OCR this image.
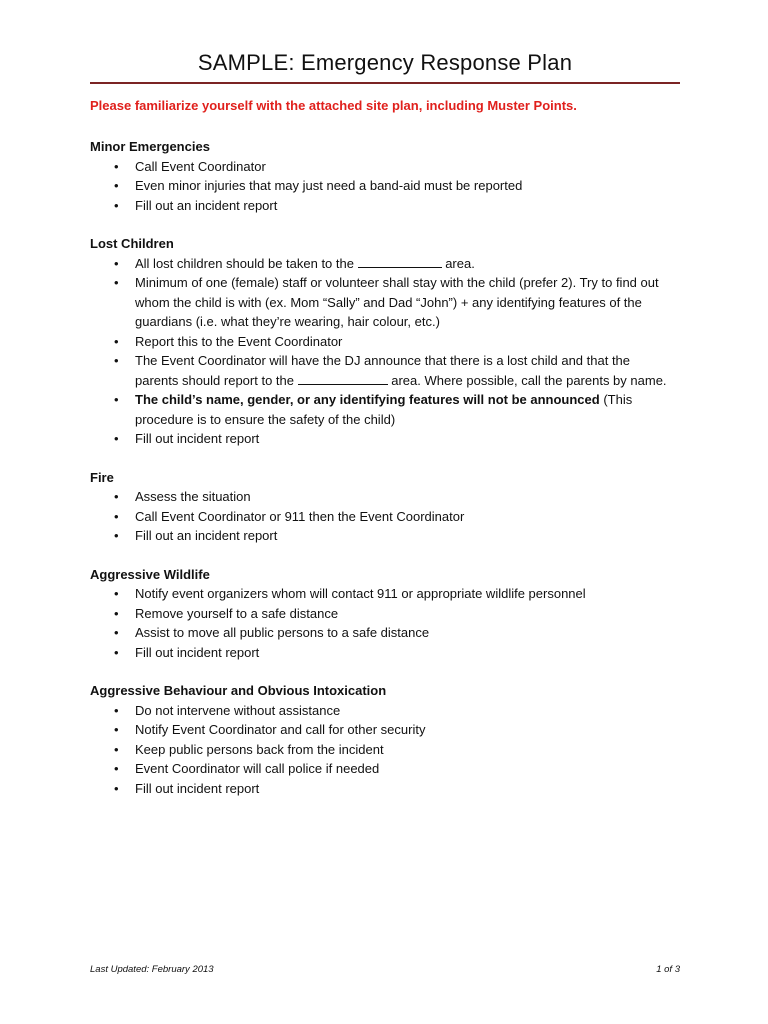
SAMPLE: Emergency Response Plan
Please familiarize yourself with the attached site plan, including Muster Points.

Minor Emergencies

• Call Event Coordinator
• Even minor injuries that may just need a band-aid must be reported
• Fill out an incident report

Lost Children

• All lost children should be taken to the	area.
• Minimum of one (female) staff or volunteer shall stay with the child (prefer 2). Try to find out whom the child is with (ex. Mom “Sally” and Dad “John”) + any identifying features of the guardians (i.e. what they’re wearing, hair colour, etc.)
• Report this to the Event Coordinator
• The Event Coordinator will have the DJ announce that there is a lost child and that the parents should report to the	area. Where possible, call the parents by name.
• The child’s name, gender, or any identifying features will not be announced (This procedure is to ensure the safety of the child)
• Fill out incident report

Fire

• Assess the situation
• Call Event Coordinator or 911 then the Event Coordinator
• Fill out an incident report

Aggressive Wildlife

• Notify event organizers whom will contact 911 or appropriate wildlife personnel
• Remove yourself to a safe distance
• Assist to move all public persons to a safe distance
• Fill out incident report

Aggressive Behaviour and Obvious Intoxication

• Do not intervene without assistance
• Notify Event Coordinator and call for other security
• Keep public persons back from the incident
• Event Coordinator will call police if needed
• Fill out incident report
Last Updated: February 2013	1 of 3
